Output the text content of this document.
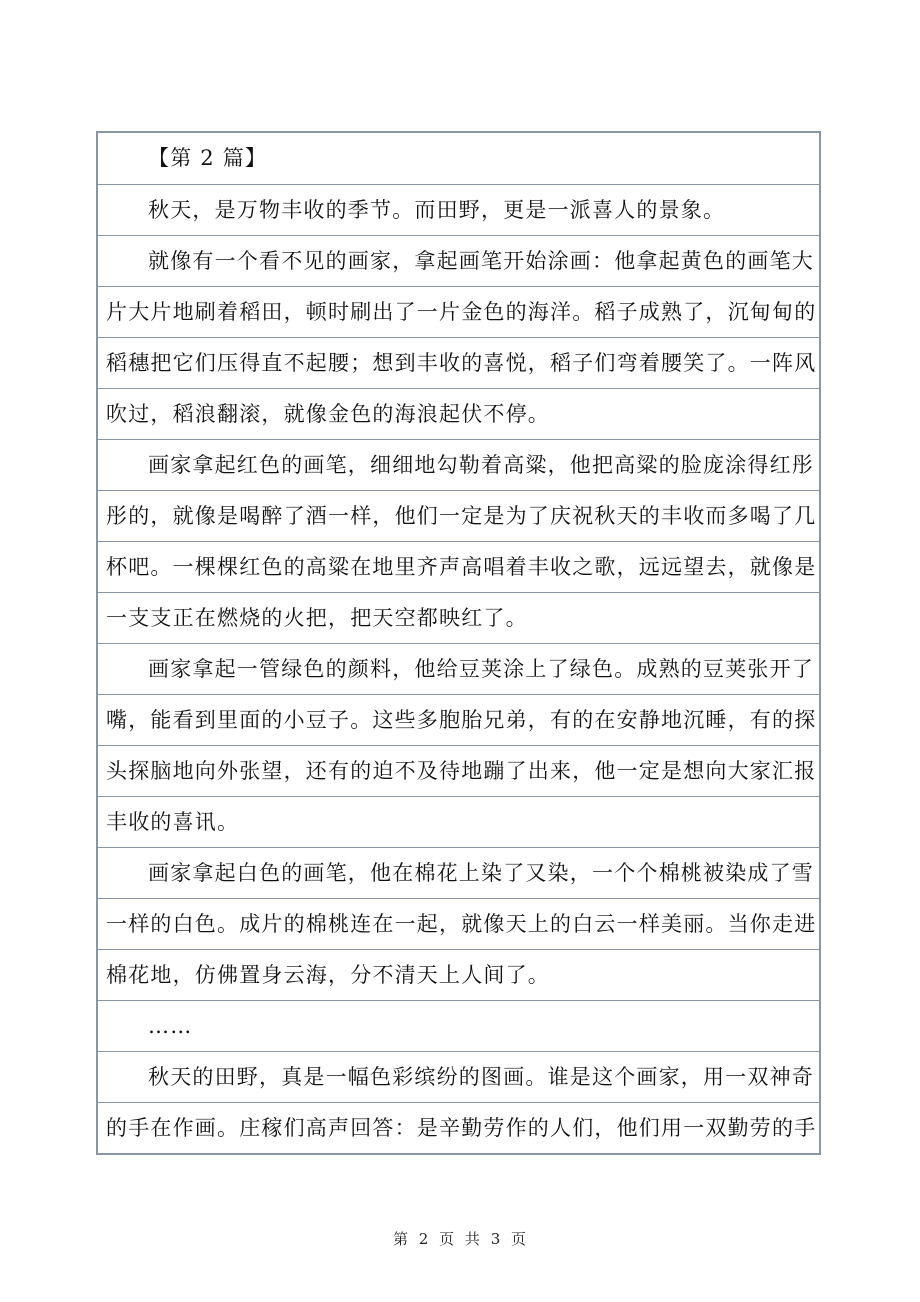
【第 2 篇】
秋天，是万物丰收的季节。而田野，更是一派喜人的景象。
就像有一个看不见的画家，拿起画笔开始涂画：他拿起黄色的画笔大
片大片地刷着稻田，顿时刷出了一片金色的海洋。稻子成熟了，沉甸甸的
稻穗把它们压得直不起腰；想到丰收的喜悦，稻子们弯着腰笑了。一阵风
吹过，稻浪翻滚，就像金色的海浪起伏不停。
画家拿起红色的画笔，细细地勾勒着高粱，他把高粱的脸庞涂得红彤
彤的，就像是喝醉了酒一样，他们一定是为了庆祝秋天的丰收而多喝了几
杯吧。一棵棵红色的高粱在地里齐声高唱着丰收之歌，远远望去，就像是
一支支正在燃烧的火把，把天空都映红了。
画家拿起一管绿色的颜料，他给豆荚涂上了绿色。成熟的豆荚张开了
嘴，能看到里面的小豆子。这些多胞胎兄弟，有的在安静地沉睡，有的探
头探脑地向外张望，还有的迫不及待地蹦了出来，他一定是想向大家汇报
丰收的喜讯。
画家拿起白色的画笔，他在棉花上染了又染，一个个棉桃被染成了雪
一样的白色。成片的棉桃连在一起，就像天上的白云一样美丽。当你走进
棉花地，仿佛置身云海，分不清天上人间了。
……
秋天的田野，真是一幅色彩缤纷的图画。谁是这个画家，用一双神奇
的手在作画。庄稼们高声回答：是辛勤劳作的人们，他们用一双勤劳的手
第 2 页 共 3 页
